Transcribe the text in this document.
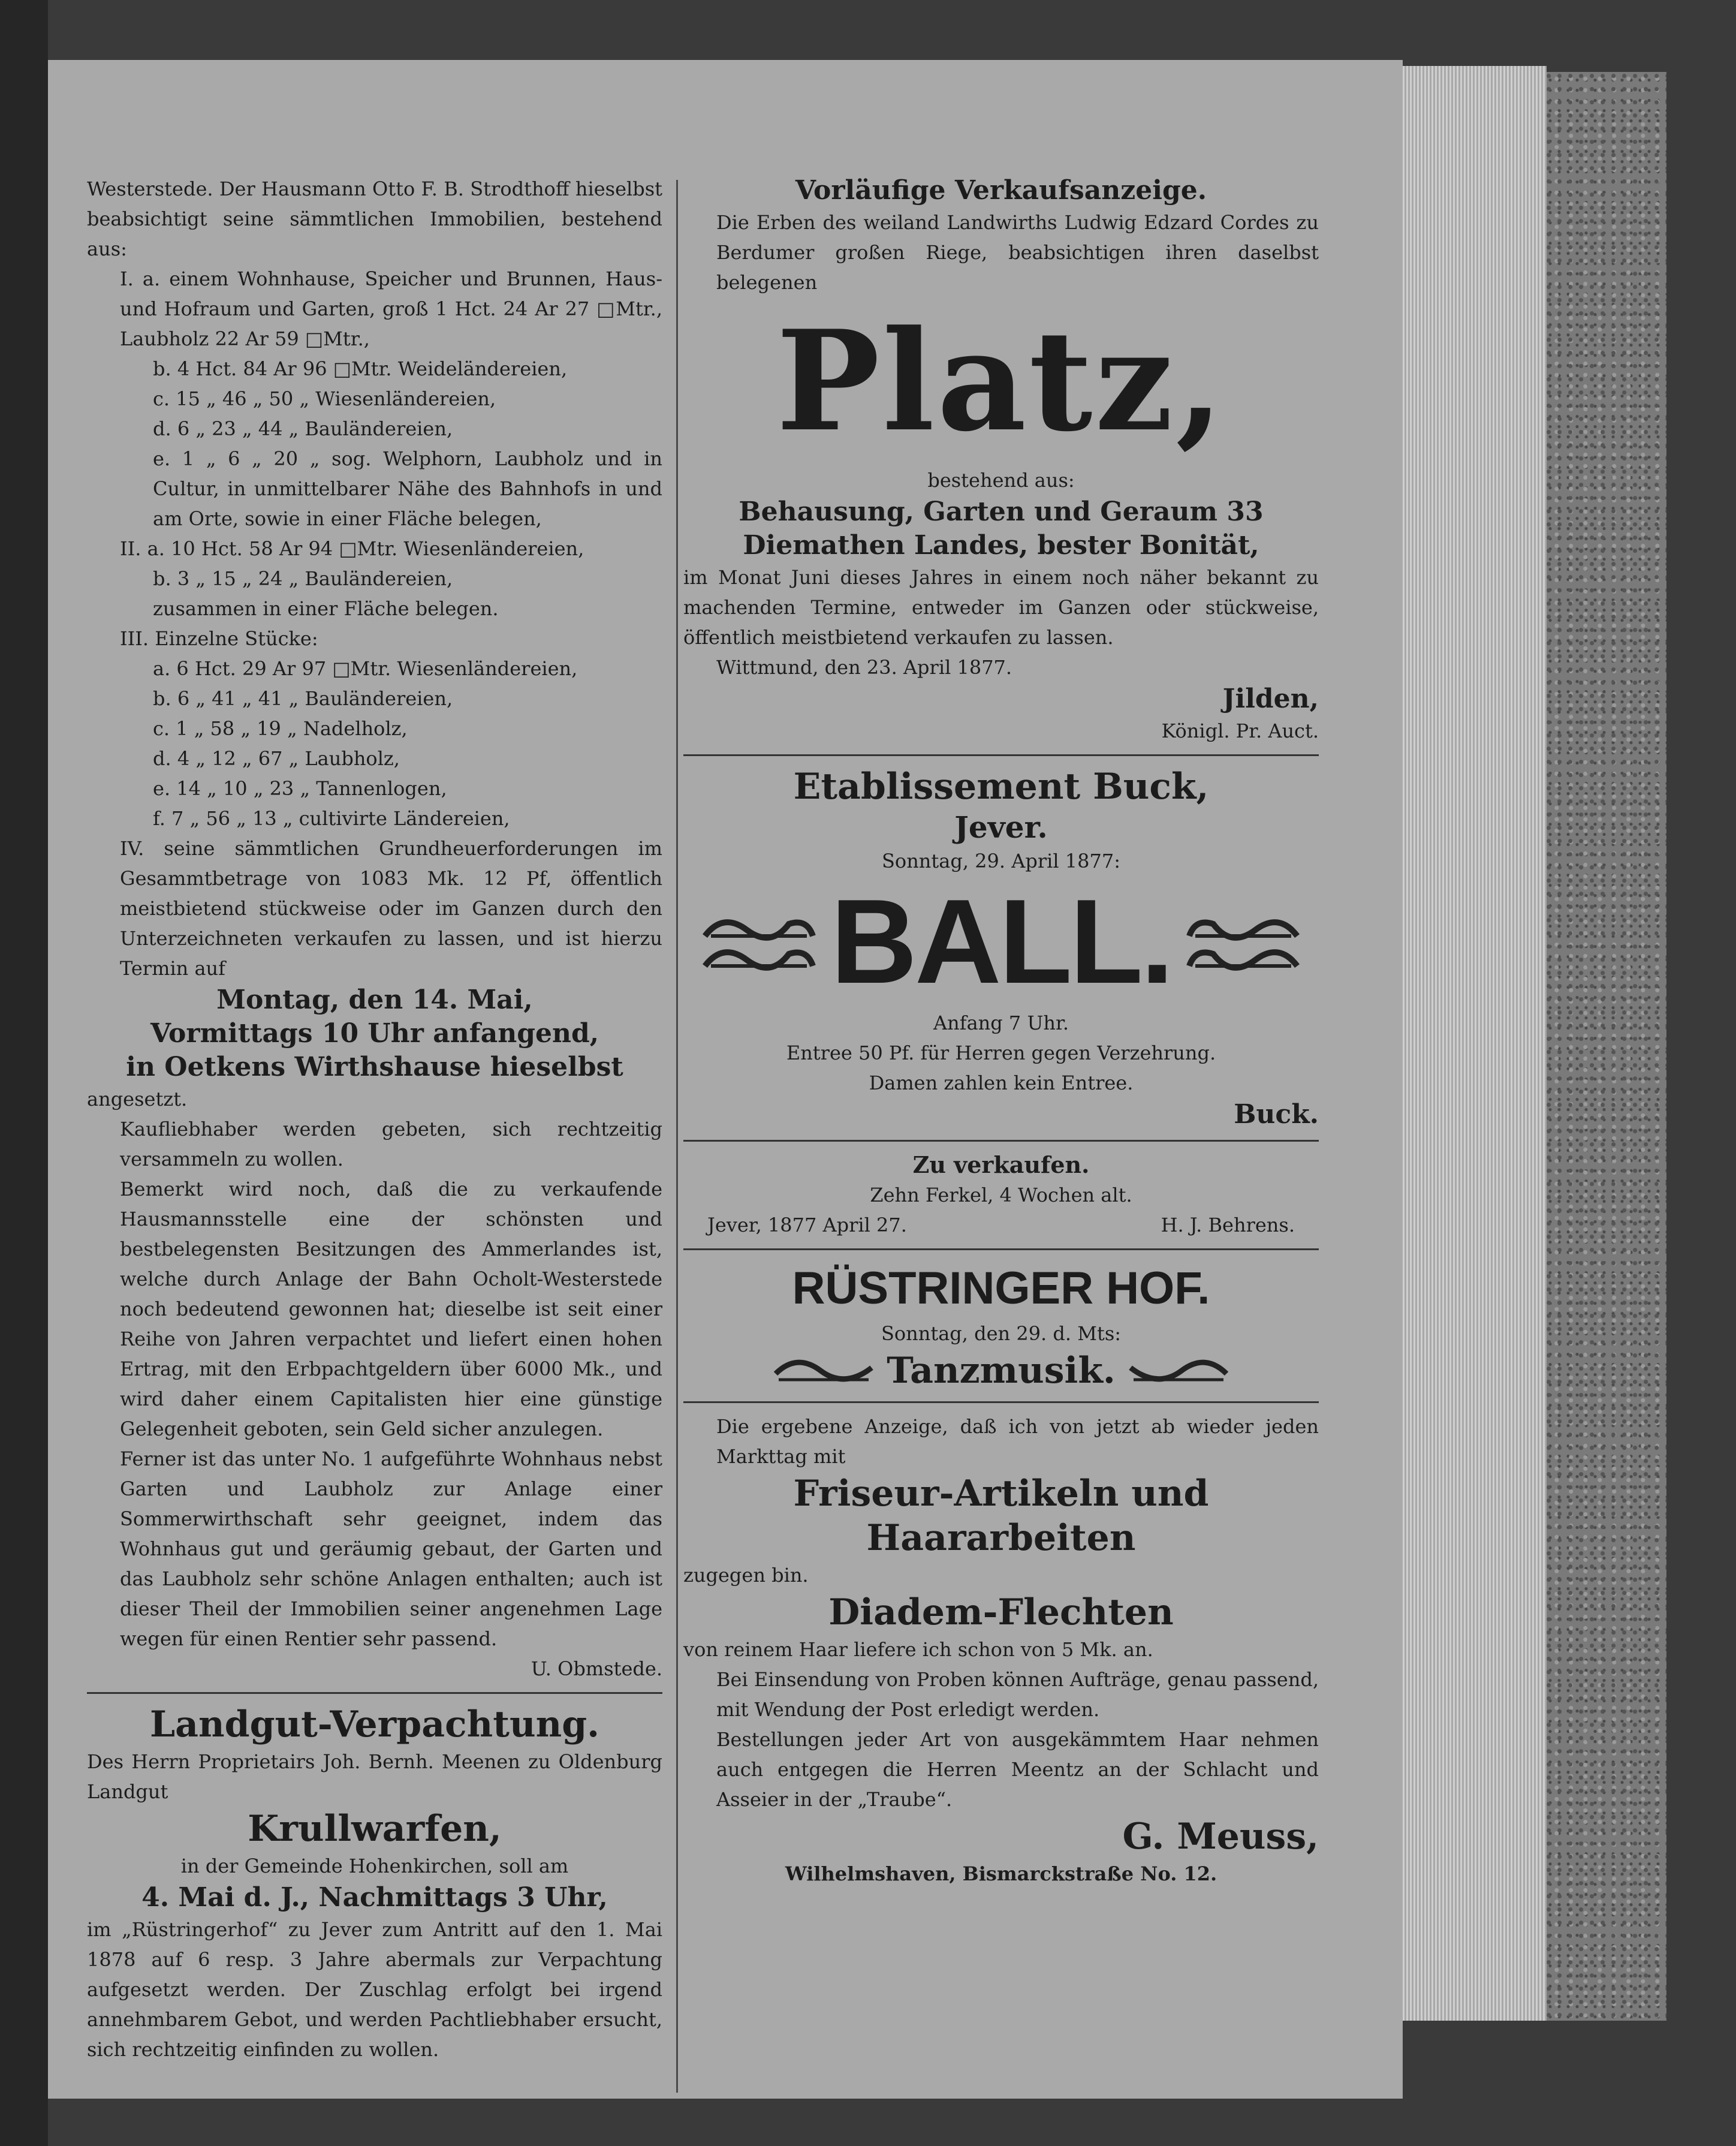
Westerstede. Der Hausmann Otto F. B. Strodthoff hieselbst beabsichtigt seine sämmtlichen Immobilien, bestehend aus:

I. a. einem Wohnhause, Speicher und Brunnen, Haus- und Hofraum und Garten, groß 1 Hct. 24 Ar 27 □Mtr., Laubholz 22 Ar 59 □Mtr.,

b. 4 Hct. 84 Ar 96 □Mtr. Weideländereien,

c. 15 „ 46 „ 50 „ Wiesenländereien,

d. 6 „ 23 „ 44 „ Bauländereien,

e. 1 „ 6 „ 20 „ sog. Welphorn, Laubholz und in Cultur, in unmittelbarer Nähe des Bahnhofs in und am Orte, sowie in einer Fläche belegen,

II. a. 10 Hct. 58 Ar 94 □Mtr. Wiesenländereien,

b. 3 „ 15 „ 24 „ Bauländereien,

zusammen in einer Fläche belegen.

III. Einzelne Stücke:

a. 6 Hct. 29 Ar 97 □Mtr. Wiesenländereien,

b. 6 „ 41 „ 41 „ Bauländereien,

c. 1 „ 58 „ 19 „ Nadelholz,

d. 4 „ 12 „ 67 „ Laubholz,

e. 14 „ 10 „ 23 „ Tannenlogen,

f. 7 „ 56 „ 13 „ cultivirte Ländereien,

IV. seine sämmtlichen Grundheuerforderungen im Gesammtbetrage von 1083 Mk. 12 Pf, öffentlich meistbietend stückweise oder im Ganzen durch den Unterzeichneten verkaufen zu lassen, und ist hierzu Termin auf

Montag, den 14. Mai,

Vormittags 10 Uhr anfangend,

in Oetkens Wirthshause hieselbst

angesetzt.

Kaufliebhaber werden gebeten, sich rechtzeitig versammeln zu wollen.

Bemerkt wird noch, daß die zu verkaufende Hausmannsstelle eine der schönsten und bestbelegensten Besitzungen des Ammerlandes ist, welche durch Anlage der Bahn Ocholt-Westerstede noch bedeutend gewonnen hat; dieselbe ist seit einer Reihe von Jahren verpachtet und liefert einen hohen Ertrag, mit den Erbpachtgeldern über 6000 Mk., und wird daher einem Capitalisten hier eine günstige Gelegenheit geboten, sein Geld sicher anzulegen.

Ferner ist das unter No. 1 aufgeführte Wohnhaus nebst Garten und Laubholz zur Anlage einer Sommerwirthschaft sehr geeignet, indem das Wohnhaus gut und geräumig gebaut, der Garten und das Laubholz sehr schöne Anlagen enthalten; auch ist dieser Theil der Immobilien seiner angenehmen Lage wegen für einen Rentier sehr passend.

U. Obmstede.

Landgut-Verpachtung.

Des Herrn Proprietairs Joh. Bernh. Meenen zu Oldenburg Landgut

Krullwarfen,

in der Gemeinde Hohenkirchen, soll am

4. Mai d. J., Nachmittags 3 Uhr,

im „Rüstringerhof“ zu Jever zum Antritt auf den 1. Mai 1878 auf 6 resp. 3 Jahre abermals zur Verpachtung aufgesetzt werden. Der Zuschlag erfolgt bei irgend annehmbarem Gebot, und werden Pachtliebhaber ersucht, sich rechtzeitig einfinden zu wollen.

Vorläufige Verkaufsanzeige.

Die Erben des weiland Landwirths Ludwig Edzard Cordes zu Berdumer großen Riege, beabsichtigen ihren daselbst belegenen

Platz,

bestehend aus:

Behausung, Garten und Geraum 33 Diemathen Landes, bester Bonität,

im Monat Juni dieses Jahres in einem noch näher bekannt zu machenden Termine, entweder im Ganzen oder stückweise, öffentlich meistbietend verkaufen zu lassen.

Wittmund, den 23. April 1877.

Jilden,

Königl. Pr. Auct.

Etablissement Buck,

Jever.

Sonntag, 29. April 1877:

BALL.

Anfang 7 Uhr.

Entree 50 Pf. für Herren gegen Verzehrung.

Damen zahlen kein Entree.

Buck.

Zu verkaufen.

Zehn Ferkel, 4 Wochen alt.

Jever, 1877 April 27.	H. J. Behrens.

RÜSTRINGER HOF.

Sonntag, den 29. d. Mts:

Tanzmusik.

Die ergebene Anzeige, daß ich von jetzt ab wieder jeden Markttag mit

Friseur-Artikeln und

Haararbeiten

zugegen bin.

Diadem-Flechten

von reinem Haar liefere ich schon von 5 Mk. an.

Bei Einsendung von Proben können Aufträge, genau passend, mit Wendung der Post erledigt werden.

Bestellungen jeder Art von ausgekämmtem Haar nehmen auch entgegen die Herren Meentz an der Schlacht und Asseier in der „Traube“.

G. Meuss,

Wilhelmshaven, Bismarckstraße No. 12.
